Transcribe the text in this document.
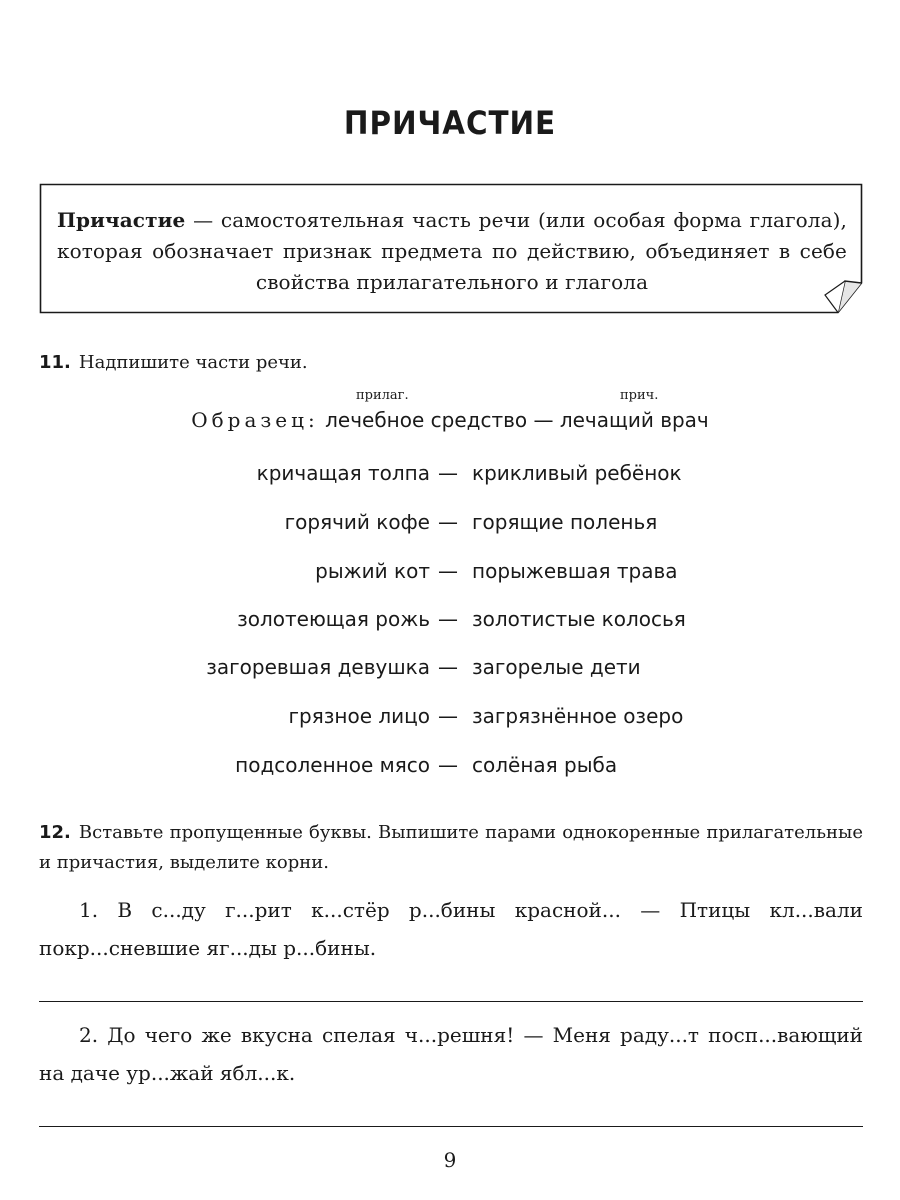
ПРИЧАСТИЕ
Причастие — самостоятельная часть речи (или особая форма глагола), которая обозначает признак предмета по действию, объединяет в себе свойства прилагательного и глагола
11. Надпишите части речи.
прилаг.	прич.
Образец: лечебное средство — лечащий врач
кричащая толпа — крикливый ребёнок
горячий кофе — горящие поленья
рыжий кот — порыжевшая трава
золотеющая рожь — золотистые колосья
загоревшая девушка — загорелые дети
грязное лицо — загрязнённое озеро
подсоленное мясо — солёная рыба
12. Вставьте пропущенные буквы. Выпишите парами однокоренные прилагательные и причастия, выделите корни.
1. В с...ду г...рит к...стёр р...бины красной... — Птицы кл...вали покр...сневшие яг...ды р...бины.
2. До чего же вкусна спелая ч...решня! — Меня раду...т посп...вающий на даче ур...жай ябл...к.
9
